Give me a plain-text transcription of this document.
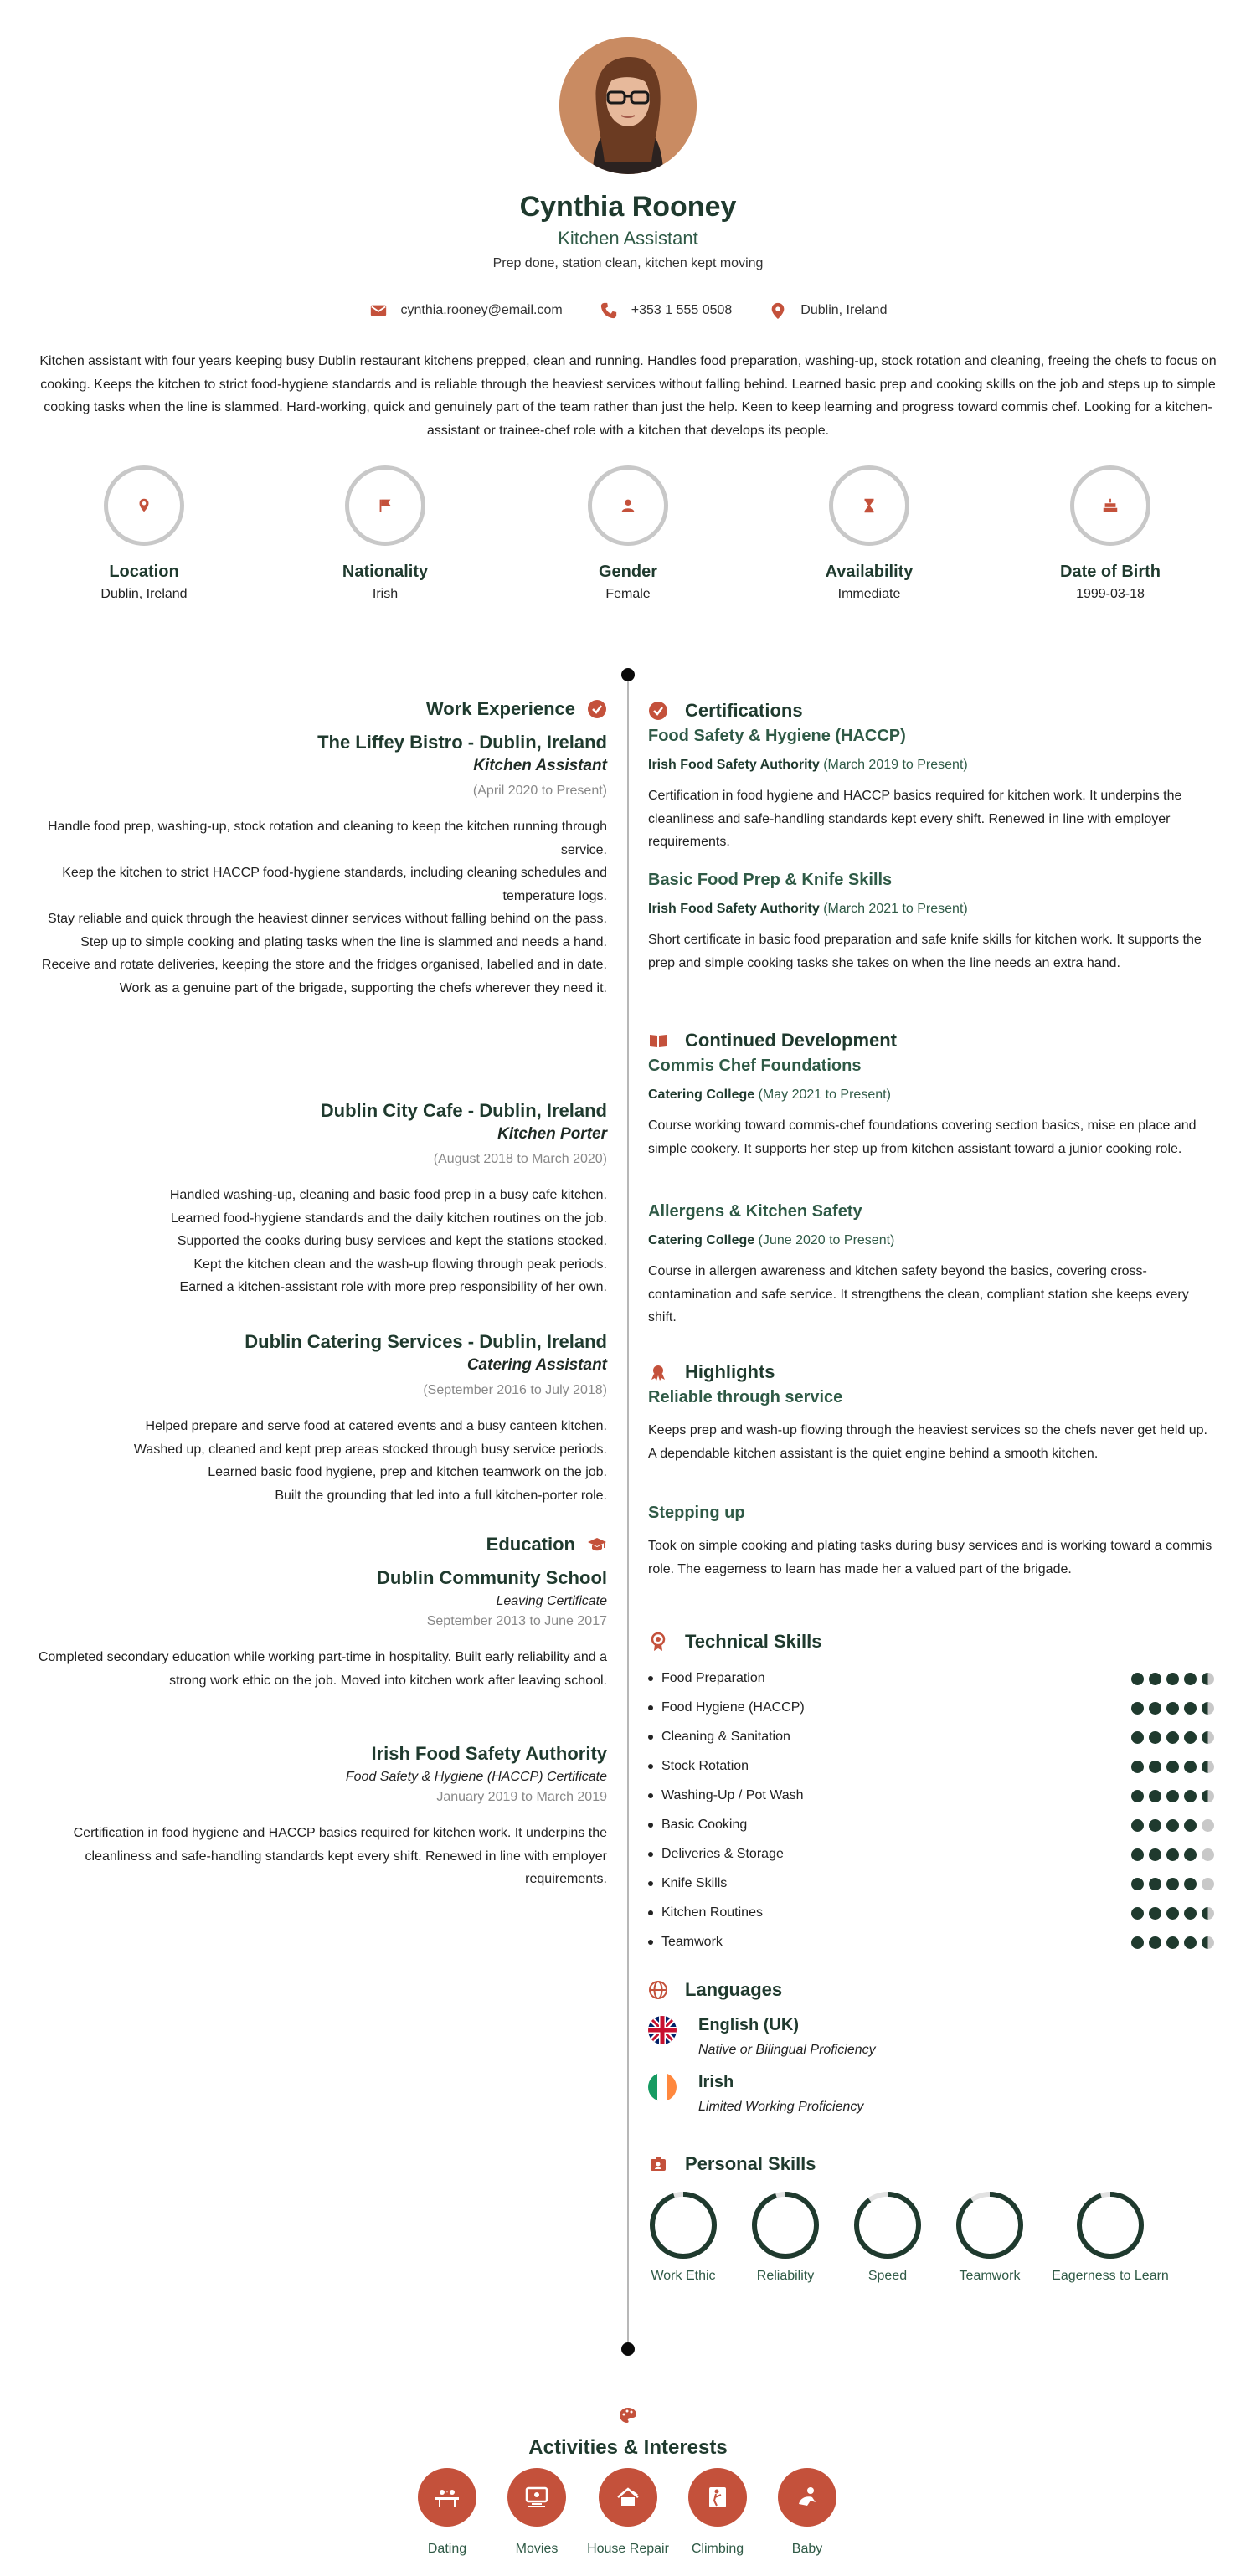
Cynthia Rooney
Kitchen Assistant
Prep done, station clean, kitchen kept moving
cynthia.rooney@email.com	+353 1 555 0508	Dublin, Ireland
Kitchen assistant with four years keeping busy Dublin restaurant kitchens prepped, clean and running. Handles food preparation, washing-up, stock rotation and cleaning, freeing the chefs to focus on cooking. Keeps the kitchen to strict food-hygiene standards and is reliable through the heaviest services without falling behind. Learned basic prep and cooking skills on the job and steps up to simple cooking tasks when the line is slammed. Hard-working, quick and genuinely part of the team rather than just the help. Keen to keep learning and progress toward commis chef. Looking for a kitchen-assistant or trainee-chef role with a kitchen that develops its people.
Location
Dublin, Ireland
Nationality
Irish
Gender
Female
Availability
Immediate
Date of Birth
1999-03-18
Work Experience
The Liffey Bistro - Dublin, Ireland
Kitchen Assistant
(April 2020 to Present)
Handle food prep, washing-up, stock rotation and cleaning to keep the kitchen running through service.
Keep the kitchen to strict HACCP food-hygiene standards, including cleaning schedules and temperature logs.
Stay reliable and quick through the heaviest dinner services without falling behind on the pass.
Step up to simple cooking and plating tasks when the line is slammed and needs a hand.
Receive and rotate deliveries, keeping the store and the fridges organised, labelled and in date.
Work as a genuine part of the brigade, supporting the chefs wherever they need it.
Dublin City Cafe - Dublin, Ireland
Kitchen Porter
(August 2018 to March 2020)
Handled washing-up, cleaning and basic food prep in a busy cafe kitchen.
Learned food-hygiene standards and the daily kitchen routines on the job.
Supported the cooks during busy services and kept the stations stocked.
Kept the kitchen clean and the wash-up flowing through peak periods.
Earned a kitchen-assistant role with more prep responsibility of her own.
Dublin Catering Services - Dublin, Ireland
Catering Assistant
(September 2016 to July 2018)
Helped prepare and serve food at catered events and a busy canteen kitchen.
Washed up, cleaned and kept prep areas stocked through busy service periods.
Learned basic food hygiene, prep and kitchen teamwork on the job.
Built the grounding that led into a full kitchen-porter role.
Education
Dublin Community School
Leaving Certificate
September 2013 to June 2017
Completed secondary education while working part-time in hospitality. Built early reliability and a strong work ethic on the job. Moved into kitchen work after leaving school.
Irish Food Safety Authority
Food Safety & Hygiene (HACCP) Certificate
January 2019 to March 2019
Certification in food hygiene and HACCP basics required for kitchen work. It underpins the cleanliness and safe-handling standards kept every shift. Renewed in line with employer requirements.
Certifications
Food Safety & Hygiene (HACCP)
Irish Food Safety Authority (March 2019 to Present)
Certification in food hygiene and HACCP basics required for kitchen work. It underpins the cleanliness and safe-handling standards kept every shift. Renewed in line with employer requirements.
Basic Food Prep & Knife Skills
Irish Food Safety Authority (March 2021 to Present)
Short certificate in basic food preparation and safe knife skills for kitchen work. It supports the prep and simple cooking tasks she takes on when the line needs an extra hand.
Continued Development
Commis Chef Foundations
Catering College (May 2021 to Present)
Course working toward commis-chef foundations covering section basics, mise en place and simple cookery. It supports her step up from kitchen assistant toward a junior cooking role.
Allergens & Kitchen Safety
Catering College (June 2020 to Present)
Course in allergen awareness and kitchen safety beyond the basics, covering cross-contamination and safe service. It strengthens the clean, compliant station she keeps every shift.
Highlights
Reliable through service
Keeps prep and wash-up flowing through the heaviest services so the chefs never get held up. A dependable kitchen assistant is the quiet engine behind a smooth kitchen.
Stepping up
Took on simple cooking and plating tasks during busy services and is working toward a commis role. The eagerness to learn has made her a valued part of the brigade.
Technical Skills
Food Preparation
Food Hygiene (HACCP)
Cleaning & Sanitation
Stock Rotation
Washing-Up / Pot Wash
Basic Cooking
Deliveries & Storage
Knife Skills
Kitchen Routines
Teamwork
Languages
English (UK)
Native or Bilingual Proficiency
Irish
Limited Working Proficiency
Personal Skills
Work Ethic	Reliability	Speed	Teamwork	Eagerness to Learn
Activities & Interests
Dating	Movies	House Repair	Climbing	Baby
